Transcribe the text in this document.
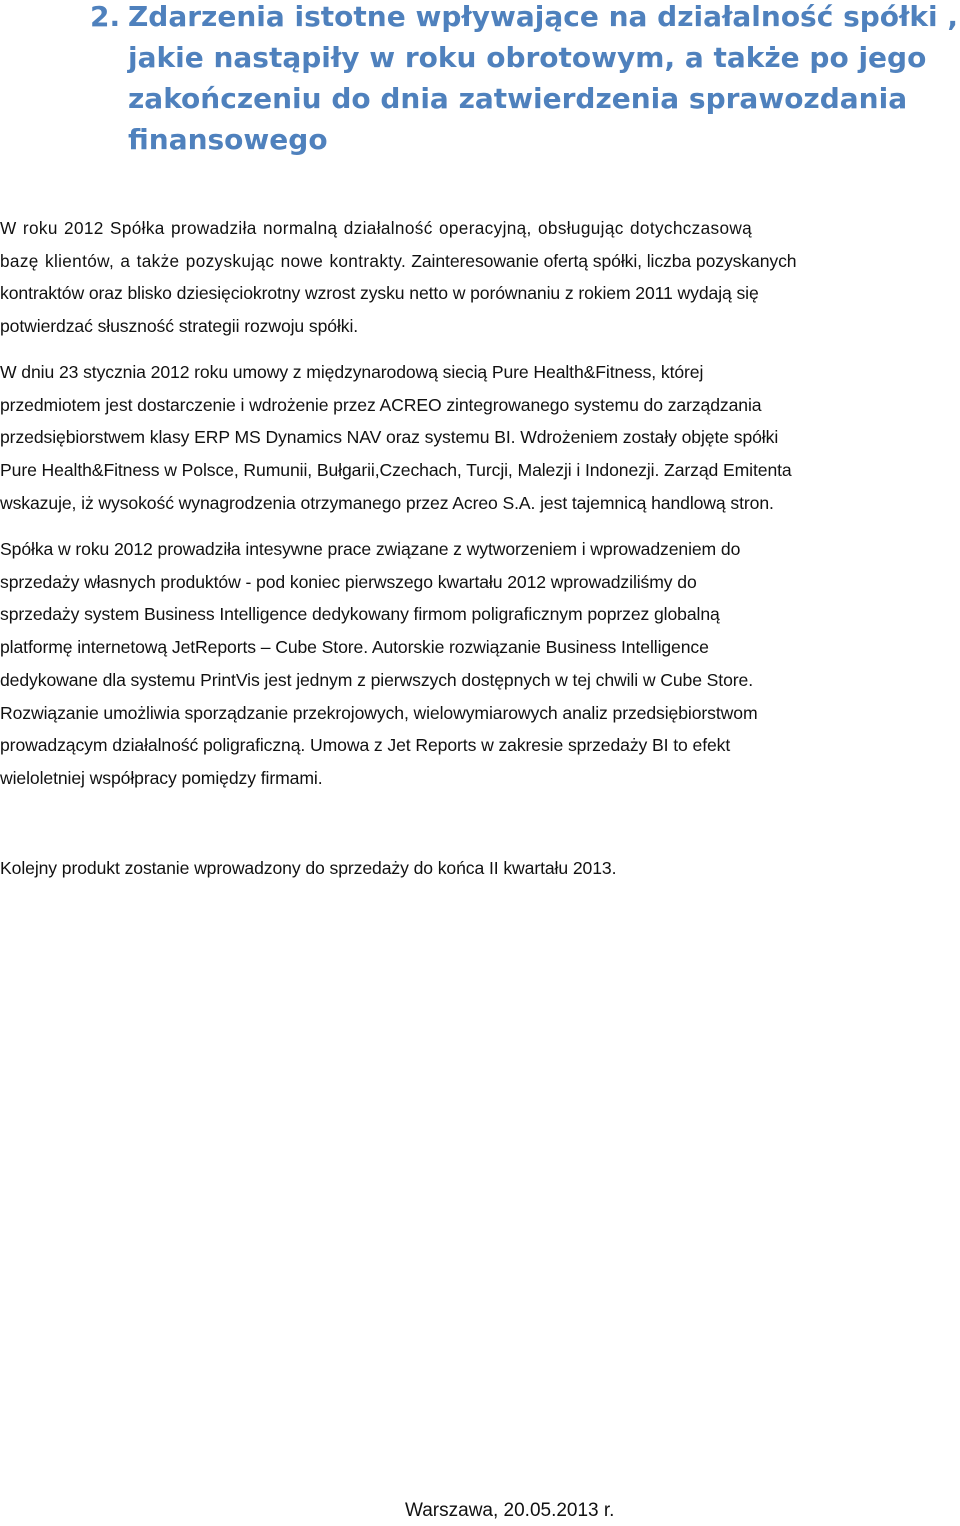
2. Zdarzenia istotne wpływające na działalność spółki ,
jakie nastąpiły w roku obrotowym, a także po jego
zakończeniu do dnia zatwierdzenia sprawozdania
finansowego

W roku 2012 Spółka prowadziła normalną działalność operacyjną, obsługując dotychczasową
bazę klientów, a także pozyskując nowe kontrakty. Zainteresowanie ofertą spółki, liczba pozyskanych
kontraktów oraz blisko dziesięciokrotny wzrost zysku netto w porównaniu z rokiem 2011 wydają się
potwierdzać słuszność strategii rozwoju spółki.

W dniu 23 stycznia 2012 roku umowy z międzynarodową siecią Pure Health&Fitness, której
przedmiotem jest dostarczenie i wdrożenie przez ACREO zintegrowanego systemu do zarządzania
przedsiębiorstwem klasy ERP MS Dynamics NAV oraz systemu BI. Wdrożeniem zostały objęte spółki
Pure Health&Fitness w Polsce, Rumunii, Bułgarii,Czechach, Turcji, Malezji i Indonezji. Zarząd Emitenta
wskazuje, iż wysokość wynagrodzenia otrzymanego przez Acreo S.A. jest tajemnicą handlową stron.

Spółka w roku 2012 prowadziła intesywne prace związane z wytworzeniem i wprowadzeniem do
sprzedaży własnych produktów - pod koniec pierwszego kwartału 2012 wprowadziliśmy do
sprzedaży system Business Intelligence dedykowany firmom poligraficznym poprzez globalną
platformę internetową JetReports – Cube Store. Autorskie rozwiązanie Business Intelligence
dedykowane dla systemu PrintVis jest jednym z pierwszych dostępnych w tej chwili w Cube Store.
Rozwiązanie umożliwia sporządzanie przekrojowych, wielowymiarowych analiz przedsiębiorstwom
prowadzącym działalność poligraficzną. Umowa z Jet Reports w zakresie sprzedaży BI to efekt
wieloletniej współpracy pomiędzy firmami.

Kolejny produkt zostanie wprowadzony do sprzedaży do końca II kwartału 2013.

Warszawa, 20.05.2013 r.
